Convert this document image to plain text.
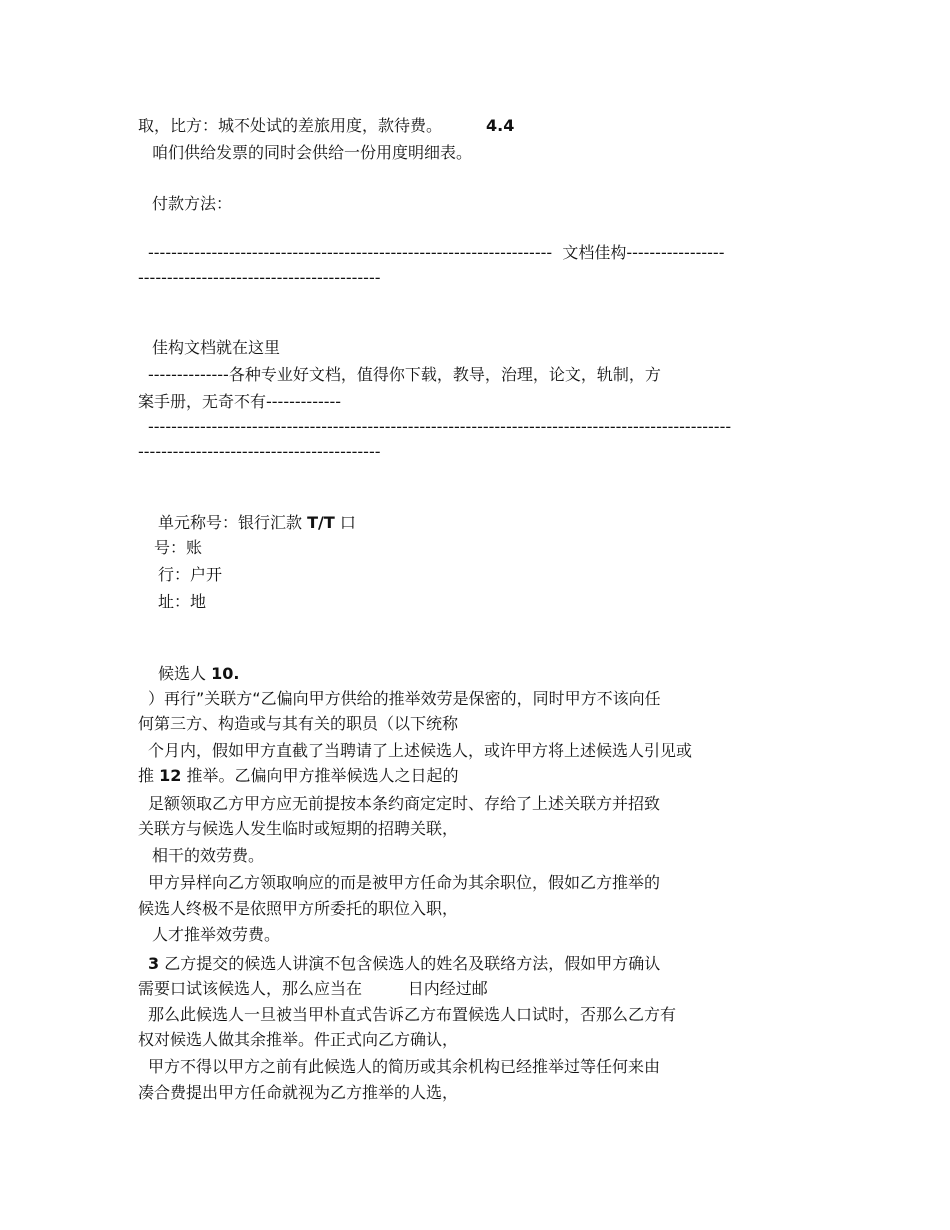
取，比方：城不处试的差旅用度，款待费。	4.4
咱们供给发票的同时会供给一份用度明细表。
付款方法：
----------------------------------------------------------------------  文档佳构-----------------
------------------------------------------
佳构文档就在这里
--------------各种专业好文档，值得你下载，教导，治理，论文，轨制，方
案手册，无奇不有-------------
-----------------------------------------------------------------------------------------------------
------------------------------------------
单元称号：银行汇款 T/T 口
号：账
行：户开
址：地
候选人 10.
）再行”关联方“乙偏向甲方供给的推举效劳是保密的，同时甲方不该向任
何第三方、构造或与其有关的职员（以下统称
个月内，假如甲方直截了当聘请了上述候选人，或许甲方将上述候选人引见或
推 12 推举。乙偏向甲方推举候选人之日起的
足额领取乙方甲方应无前提按本条约商定定时、存给了上述关联方并招致
关联方与候选人发生临时或短期的招聘关联，
相干的效劳费。
甲方异样向乙方领取响应的而是被甲方任命为其余职位，假如乙方推举的
候选人终极不是依照甲方所委托的职位入职，
人才推举效劳费。
3 乙方提交的候选人讲演不包含候选人的姓名及联络方法，假如甲方确认
需要口试该候选人，那么应当在         日内经过邮
那么此候选人一旦被当甲朴直式告诉乙方布置候选人口试时，否那么乙方有
权对候选人做其余推举。件正式向乙方确认，
甲方不得以甲方之前有此候选人的简历或其余机构已经推举过等任何来由
凑合费提出甲方任命就视为乙方推举的人选，
